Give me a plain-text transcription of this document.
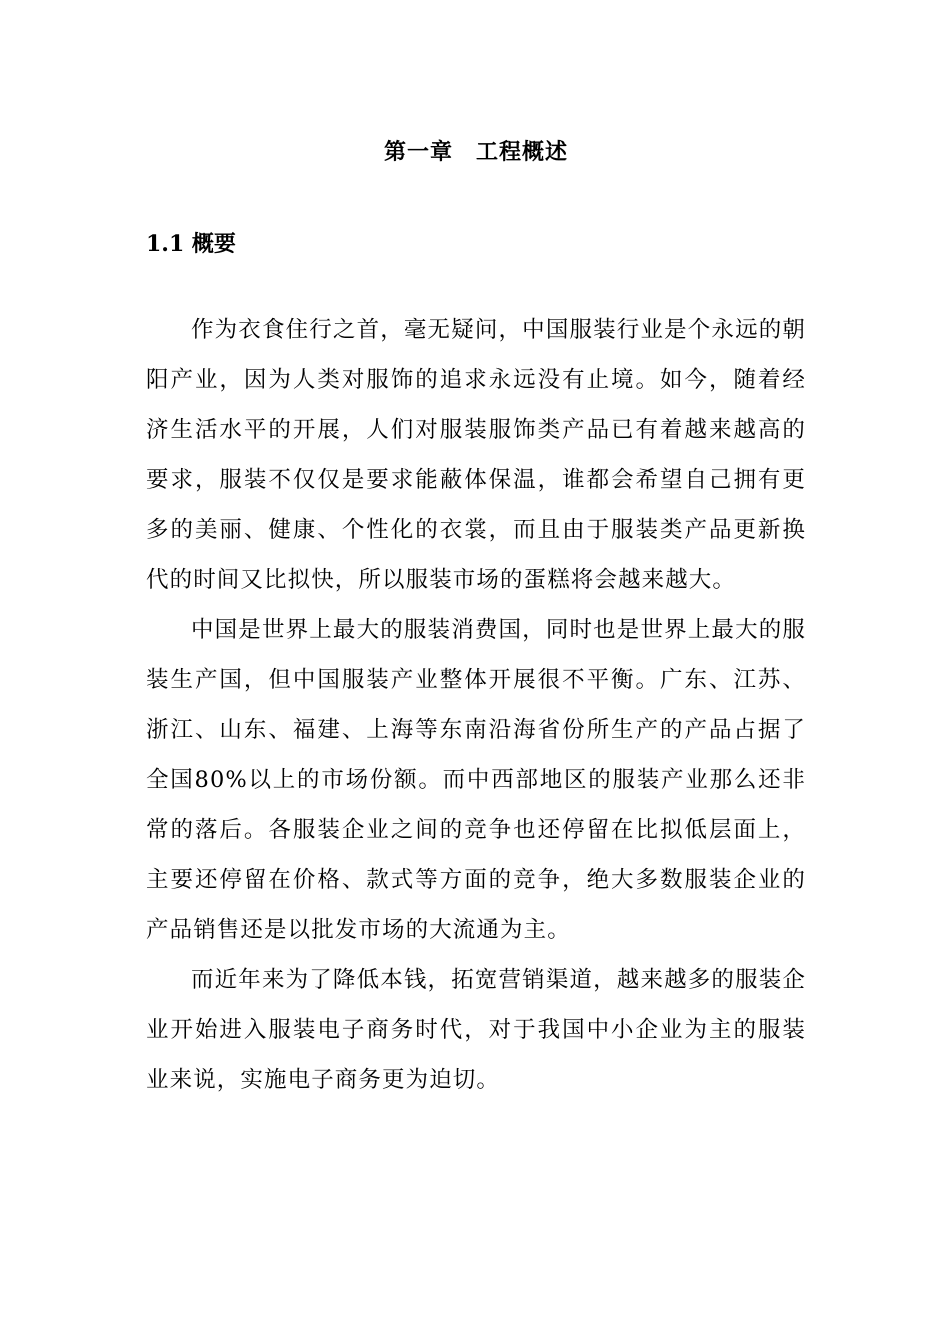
第一章　工程概述
1.1 概要

作为衣食住行之首，毫无疑问，中国服装行业是个永远的朝阳产业，因为人类对服饰的追求永远没有止境。如今，随着经济生活水平的开展，人们对服装服饰类产品已有着越来越高的要求，服装不仅仅是要求能蔽体保温，谁都会希望自己拥有更多的美丽、健康、个性化的衣裳，而且由于服装类产品更新换代的时间又比拟快，所以服装市场的蛋糕将会越来越大。

中国是世界上最大的服装消费国，同时也是世界上最大的服装生产国，但中国服装产业整体开展很不平衡。广东、江苏、浙江、山东、福建、上海等东南沿海省份所生产的产品占据了全国80%以上的市场份额。而中西部地区的服装产业那么还非常的落后。各服装企业之间的竞争也还停留在比拟低层面上，主要还停留在价格、款式等方面的竞争，绝大多数服装企业的产品销售还是以批发市场的大流通为主。

而近年来为了降低本钱，拓宽营销渠道，越来越多的服装企业开始进入服装电子商务时代，对于我国中小企业为主的服装业来说，实施电子商务更为迫切。
